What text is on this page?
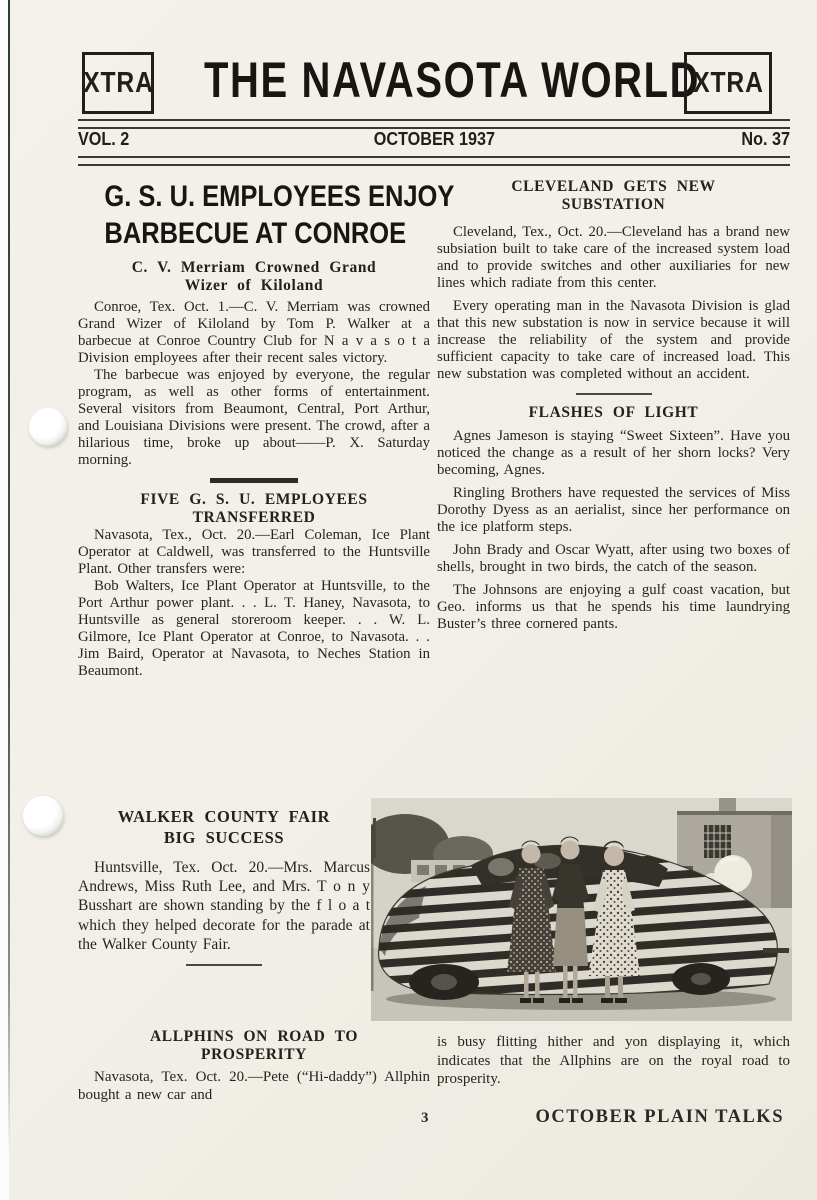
XTRA THE NAVASOTA WORLD
XTRA
VOL. 2	OCTOBER 1937	No. 37
G. S. U. EMPLOYEES ENJOY
BARBECUE AT CONROE
C. V. Merriam Crowned Grand
Wizer of Kiloland
Conroe, Tex. Oct. 1.—C. V. Merriam was crowned Grand Wizer of Kiloland by Tom P. Walker at a barbecue at Conroe Country Club for N a v a s o t a Division employees after their recent sales victory.
The barbecue was enjoyed by everyone, the regular program, as well as other forms of entertainment. Several visitors from Beaumont, Central, Port Arthur, and Louisiana Divisions were present. The crowd, after a hilarious time, broke up about——P. X. Saturday morning.
FIVE G. S. U. EMPLOYEES
TRANSFERRED
Navasota, Tex., Oct. 20.—Earl Coleman, Ice Plant Operator at Caldwell, was transferred to the Huntsville Plant. Other transfers were:
Bob Walters, Ice Plant Operator at Huntsville, to the Port Arthur power plant. . . L. T. Haney, Navasota, to Huntsville as general storeroom keeper. . . W. L. Gilmore, Ice Plant Operator at Conroe, to Navasota. . . Jim Baird, Operator at Navasota, to Neches Station in Beaumont.
CLEVELAND GETS NEW
SUBSTATION
Cleveland, Tex., Oct. 20.—Cleveland has a brand new subsiation built to take care of the increased system load and to provide switches and other auxiliaries for new lines which radiate from this center.
Every operating man in the Navasota Division is glad that this new substation is now in service because it will increase the reliability of the system and provide sufficient capacity to take care of increased load. This new substation was completed without an accident.
FLASHES OF LIGHT
Agnes Jameson is staying “Sweet Sixteen”. Have you noticed the change as a result of her shorn locks? Very becoming, Agnes.
Ringling Brothers have requested the services of Miss Dorothy Dyess as an aerialist, since her performance on the ice platform steps.
John Brady and Oscar Wyatt, after using two boxes of shells, brought in two birds, the catch of the season.
The Johnsons are enjoying a gulf coast vacation, but Geo. informs us that he spends his time laundrying Buster’s three cornered pants.
WALKER COUNTY FAIR
BIG SUCCESS
Huntsville, Tex. Oct. 20.—Mrs. Marcus Andrews, Miss Ruth Lee, and Mrs. T o n y Busshart are shown standing by the f l o a t which they helped decorate for the parade at the Walker County Fair.
ALLPHINS ON ROAD TO
PROSPERITY
Navasota, Tex. Oct. 20.—Pete (“Hi-daddy”) Allphin bought a new car and
is busy flitting hither and yon displaying it, which indicates that the Allphins are on the royal road to prosperity.
3	OCTOBER PLAIN TALKS
